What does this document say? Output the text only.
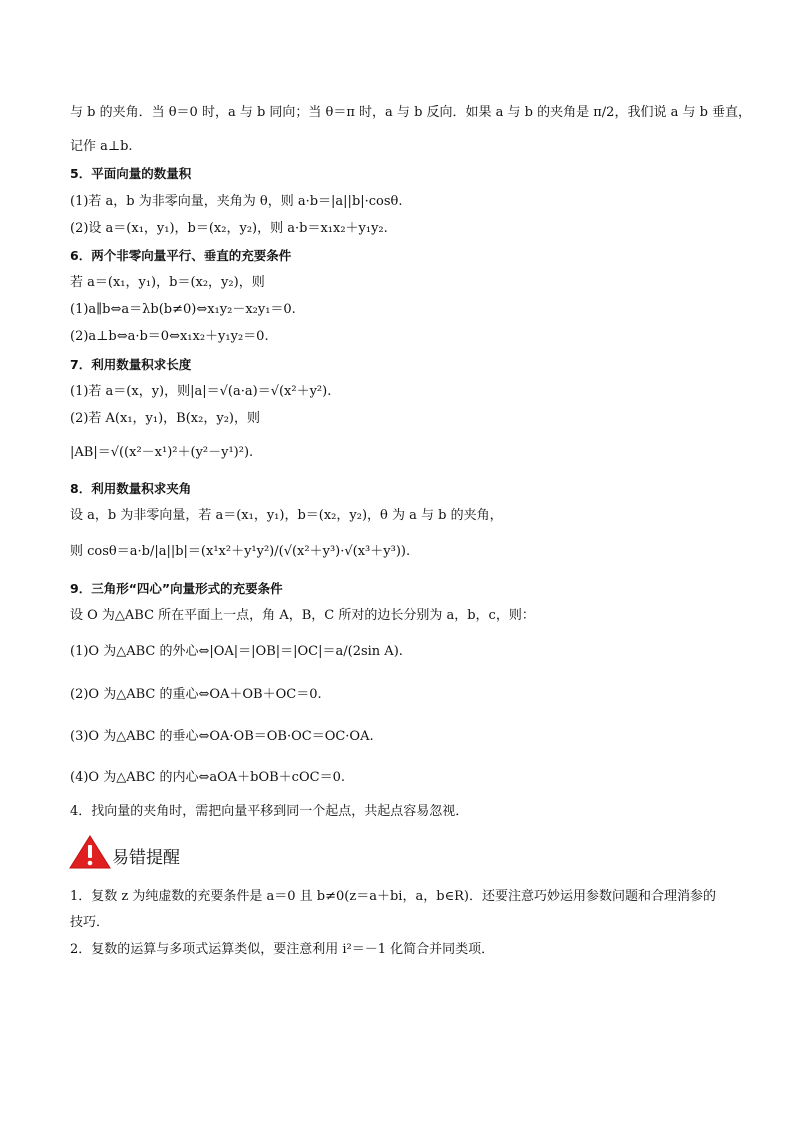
与 b 的夹角．当 θ＝0 时，a 与 b 同向；当 θ＝π 时，a 与 b 反向．如果 a 与 b 的夹角是 π/2，我们说 a 与 b 垂直，
记作 a⊥b.
5．平面向量的数量积
(1)若 a，b 为非零向量，夹角为 θ，则 a·b＝|a||b|·cosθ.
(2)设 a＝(x₁，y₁)，b＝(x₂，y₂)，则 a·b＝x₁x₂＋y₁y₂.
6．两个非零向量平行、垂直的充要条件
若 a＝(x₁，y₁)，b＝(x₂，y₂)，则
(1)a∥b⇔a＝λb(b≠0)⇔x₁y₂－x₂y₁＝0.
(2)a⊥b⇔a·b＝0⇔x₁x₂＋y₁y₂＝0.
7．利用数量积求长度
(1)若 a＝(x，y)，则|a|＝√(a·a)＝√(x²＋y²).
(2)若 A(x₁，y₁)，B(x₂，y₂)，则
|AB|＝√((x²－x¹)²＋(y²－y¹)²).
8．利用数量积求夹角
设 a，b 为非零向量，若 a＝(x₁，y₁)，b＝(x₂，y₂)，θ 为 a 与 b 的夹角，
则 cosθ＝a·b/|a||b|＝(x¹x²＋y¹y²)/(√(x²＋y³)·√(x³＋y³)).
9．三角形“四心”向量形式的充要条件
设 O 为△ABC 所在平面上一点，角 A，B，C 所对的边长分别为 a，b，c，则：
(1)O 为△ABC 的外心⇔|OA|＝|OB|＝|OC|＝a/(2sin A).
(2)O 为△ABC 的重心⇔OA＋OB＋OC＝0.
(3)O 为△ABC 的垂心⇔OA·OB＝OB·OC＝OC·OA.
(4)O 为△ABC 的内心⇔aOA＋bOB＋cOC＝0.
4．找向量的夹角时，需把向量平移到同一个起点，共起点容易忽视．
易错提醒
1．复数 z 为纯虚数的充要条件是 a＝0 且 b≠0(z＝a＋bi，a，b∈R)．还要注意巧妙运用参数问题和合理消参的技巧．
2．复数的运算与多项式运算类似，要注意利用 i²＝－1 化简合并同类项．
